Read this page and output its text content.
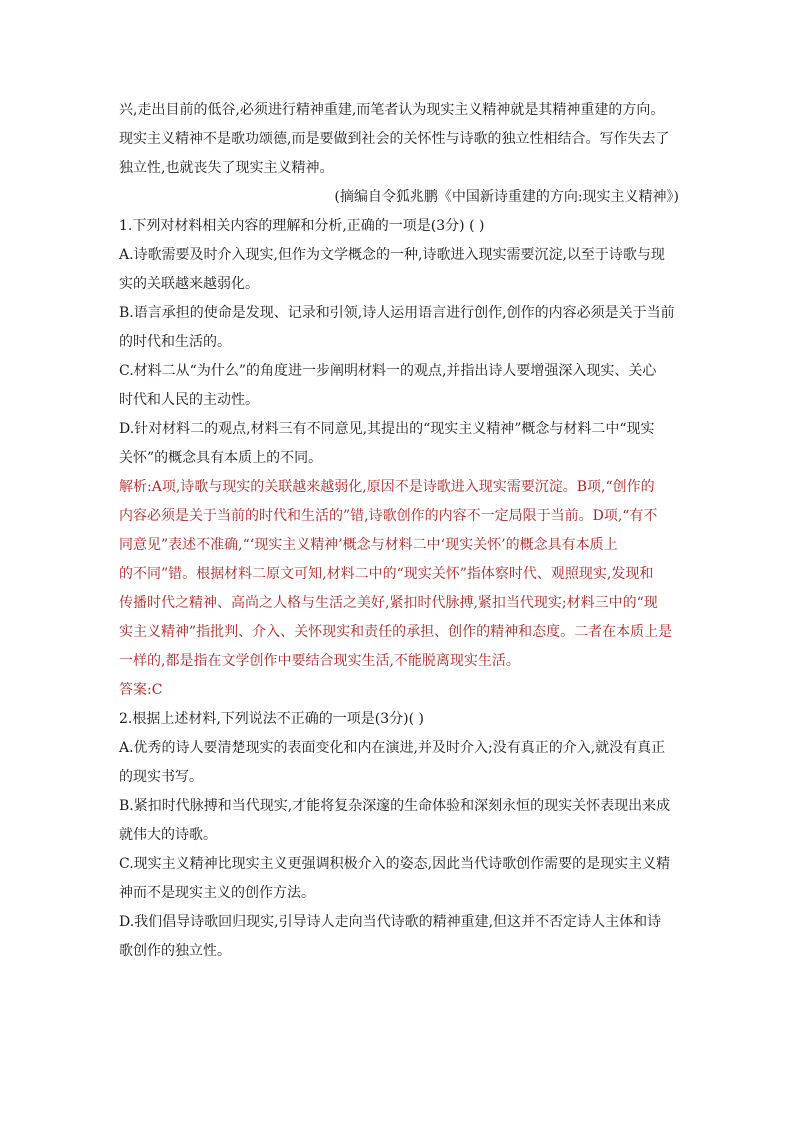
兴,走出目前的低谷,必须进行精神重建,而笔者认为现实主义精神就是其精神重建的方向。
现实主义精神不是歌功颂德,而是要做到社会的关怀性与诗歌的独立性相结合。写作失去了
独立性,也就丧失了现实主义精神。
(摘编自令狐兆鹏《中国新诗重建的方向:现实主义精神》)
1.下列对材料相关内容的理解和分析,正确的一项是(3分) ( )
A.诗歌需要及时介入现实,但作为文学概念的一种,诗歌进入现实需要沉淀,以至于诗歌与现
实的关联越来越弱化。
B.语言承担的使命是发现、记录和引领,诗人运用语言进行创作,创作的内容必须是关于当前
的时代和生活的。
C.材料二从“为什么”的角度进一步阐明材料一的观点,并指出诗人要增强深入现实、关心
时代和人民的主动性。
D.针对材料二的观点,材料三有不同意见,其提出的“现实主义精神”概念与材料二中“现实
关怀”的概念具有本质上的不同。
解析:A项,诗歌与现实的关联越来越弱化,原因不是诗歌进入现实需要沉淀。B项,“创作的
内容必须是关于当前的时代和生活的”错,诗歌创作的内容不一定局限于当前。D项,“有不
同意见”表述不准确,“‘现实主义精神’概念与材料二中‘现实关怀’的概念具有本质上
的不同”错。根据材料二原文可知,材料二中的“现实关怀”指体察时代、观照现实,发现和
传播时代之精神、高尚之人格与生活之美好,紧扣时代脉搏,紧扣当代现实;材料三中的“现
实主义精神”指批判、介入、关怀现实和责任的承担、创作的精神和态度。二者在本质上是
一样的,都是指在文学创作中要结合现实生活,不能脱离现实生活。
答案:C
2.根据上述材料,下列说法不正确的一项是(3分)( )
A.优秀的诗人要清楚现实的表面变化和内在演进,并及时介入;没有真正的介入,就没有真正
的现实书写。
B.紧扣时代脉搏和当代现实,才能将复杂深邃的生命体验和深刻永恒的现实关怀表现出来成
就伟大的诗歌。
C.现实主义精神比现实主义更强调积极介入的姿态,因此当代诗歌创作需要的是现实主义精
神而不是现实主义的创作方法。
D.我们倡导诗歌回归现实,引导诗人走向当代诗歌的精神重建,但这并不否定诗人主体和诗
歌创作的独立性。
